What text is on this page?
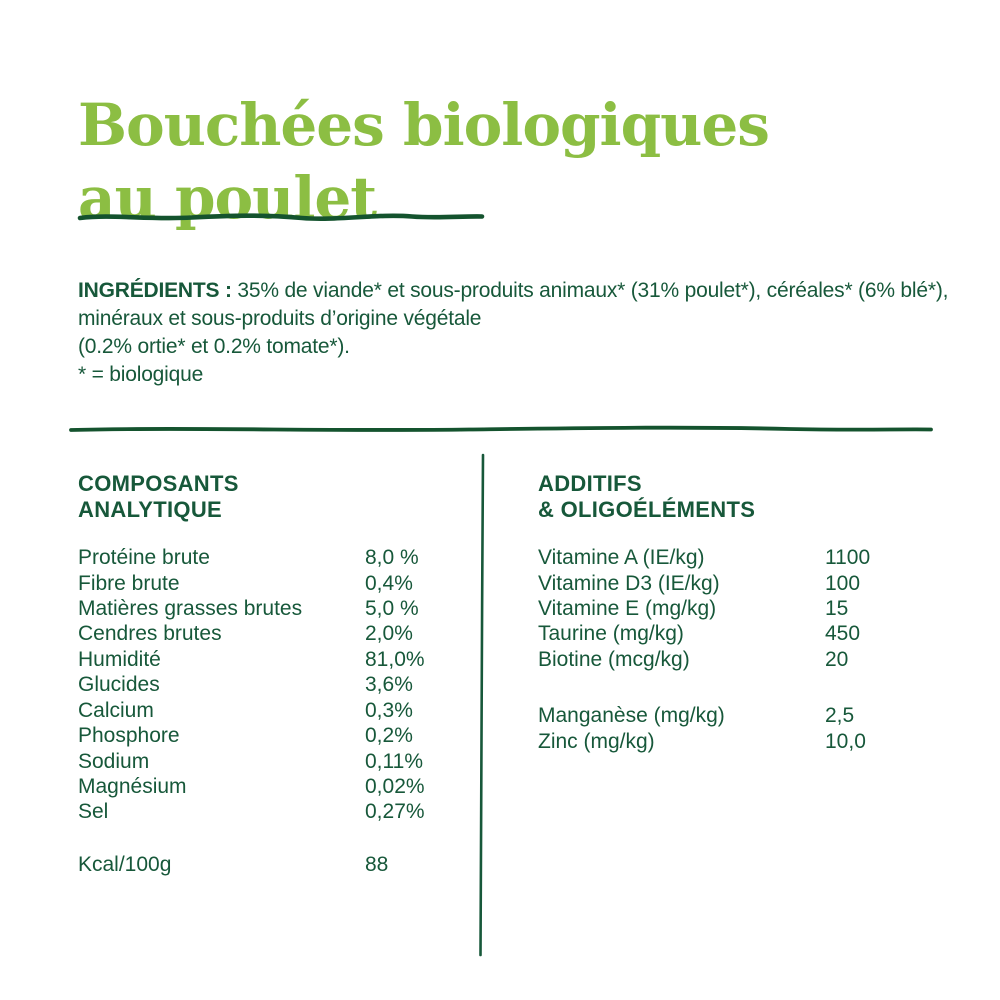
Bouchées biologiques
au poulet
INGRÉDIENTS : 35% de viande* et sous-produits animaux* (31% poulet*), céréales* (6% blé*), minéraux et sous-produits d’origine végétale
(0.2% ortie* et 0.2% tomate*).
* = biologique
COMPOSANTS
ANALYTIQUE
Protéine brute	8,0 %
Fibre brute	0,4%
Matières grasses brutes	5,0 %
Cendres brutes	2,0%
Humidité	81,0%
Glucides	3,6%
Calcium	0,3%
Phosphore	0,2%
Sodium	0,11%
Magnésium	0,02%
Sel	0,27%
Kcal/100g	88
ADDITIFS
& OLIGOÉLÉMENTS
Vitamine A (IE/kg)	1100
Vitamine D3 (IE/kg)	100
Vitamine E (mg/kg)	15
Taurine (mg/kg)	450
Biotine (mcg/kg)	20
Manganèse (mg/kg)	2,5
Zinc (mg/kg)	10,0
